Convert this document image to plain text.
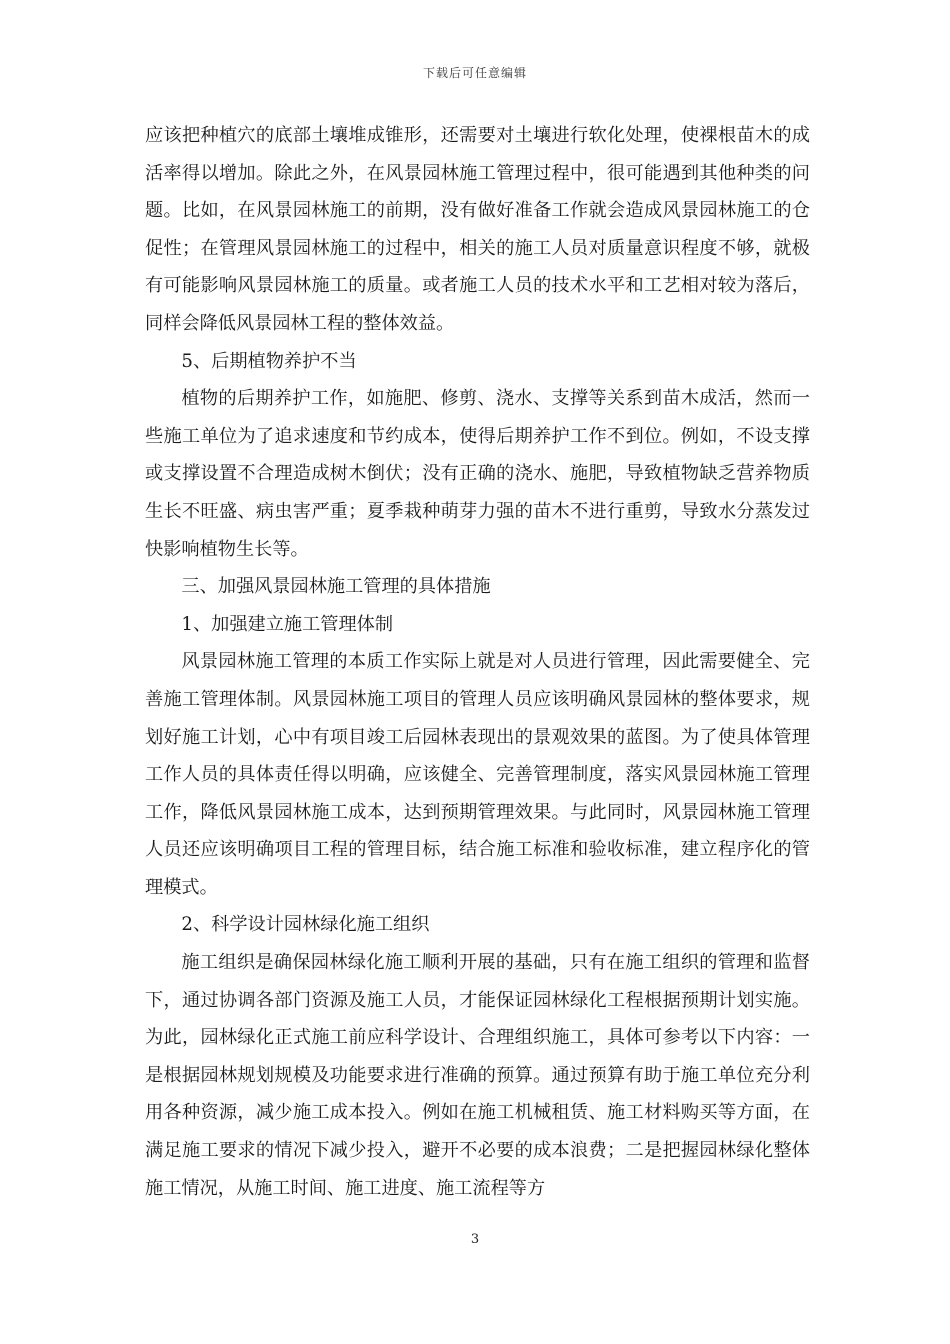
下载后可任意编辑

应该把种植穴的底部土壤堆成锥形，还需要对土壤进行软化处理，使裸根苗木的成活率得以增加。除此之外，在风景园林施工管理过程中，很可能遇到其他种类的问题。比如，在风景园林施工的前期，没有做好准备工作就会造成风景园林施工的仓促性；在管理风景园林施工的过程中，相关的施工人员对质量意识程度不够，就极有可能影响风景园林施工的质量。或者施工人员的技术水平和工艺相对较为落后，同样会降低风景园林工程的整体效益。

5、后期植物养护不当

植物的后期养护工作，如施肥、修剪、浇水、支撑等关系到苗木成活，然而一些施工单位为了追求速度和节约成本，使得后期养护工作不到位。例如，不设支撑或支撑设置不合理造成树木倒伏；没有正确的浇水、施肥，导致植物缺乏营养物质生长不旺盛、病虫害严重；夏季栽种萌芽力强的苗木不进行重剪，导致水分蒸发过快影响植物生长等。

三、加强风景园林施工管理的具体措施

1、加强建立施工管理体制

风景园林施工管理的本质工作实际上就是对人员进行管理，因此需要健全、完善施工管理体制。风景园林施工项目的管理人员应该明确风景园林的整体要求，规划好施工计划，心中有项目竣工后园林表现出的景观效果的蓝图。为了使具体管理工作人员的具体责任得以明确，应该健全、完善管理制度，落实风景园林施工管理工作，降低风景园林施工成本，达到预期管理效果。与此同时，风景园林施工管理人员还应该明确项目工程的管理目标，结合施工标准和验收标准，建立程序化的管理模式。

2、科学设计园林绿化施工组织

施工组织是确保园林绿化施工顺利开展的基础，只有在施工组织的管理和监督下，通过协调各部门资源及施工人员，才能保证园林绿化工程根据预期计划实施。为此，园林绿化正式施工前应科学设计、合理组织施工，具体可参考以下内容：一是根据园林规划规模及功能要求进行准确的预算。通过预算有助于施工单位充分利用各种资源，减少施工成本投入。例如在施工机械租赁、施工材料购买等方面，在满足施工要求的情况下减少投入，避开不必要的成本浪费；二是把握园林绿化整体施工情况，从施工时间、施工进度、施工流程等方

3
